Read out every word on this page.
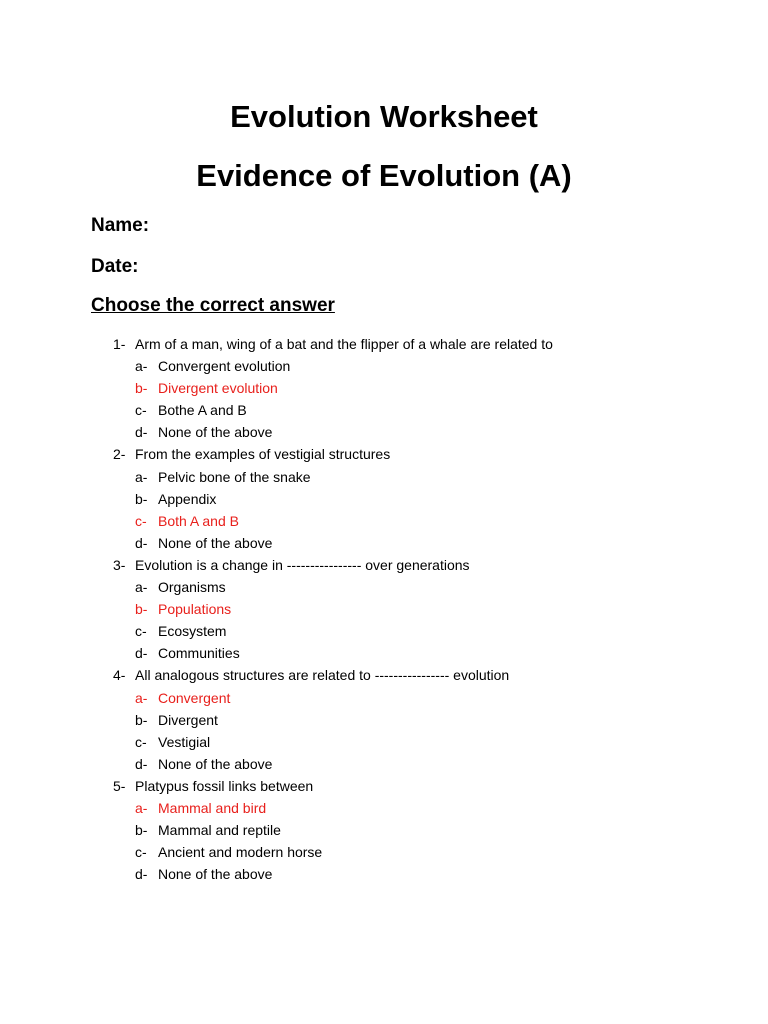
Evolution Worksheet
Evidence of Evolution (A)

Name:

Date:

Choose the correct answer

1- Arm of a man, wing of a bat and the flipper of a whale are related to
a- Convergent evolution
b- Divergent evolution
c- Bothe A and B
d- None of the above
2- From the examples of vestigial structures
a- Pelvic bone of the snake
b- Appendix
c- Both A and B
d- None of the above
3- Evolution is a change in ---------------- over generations
a- Organisms
b- Populations
c- Ecosystem
d- Communities
4- All analogous structures are related to ---------------- evolution
a- Convergent
b- Divergent
c- Vestigial
d- None of the above
5- Platypus fossil links between
a- Mammal and bird
b- Mammal and reptile
c- Ancient and modern horse
d- None of the above
